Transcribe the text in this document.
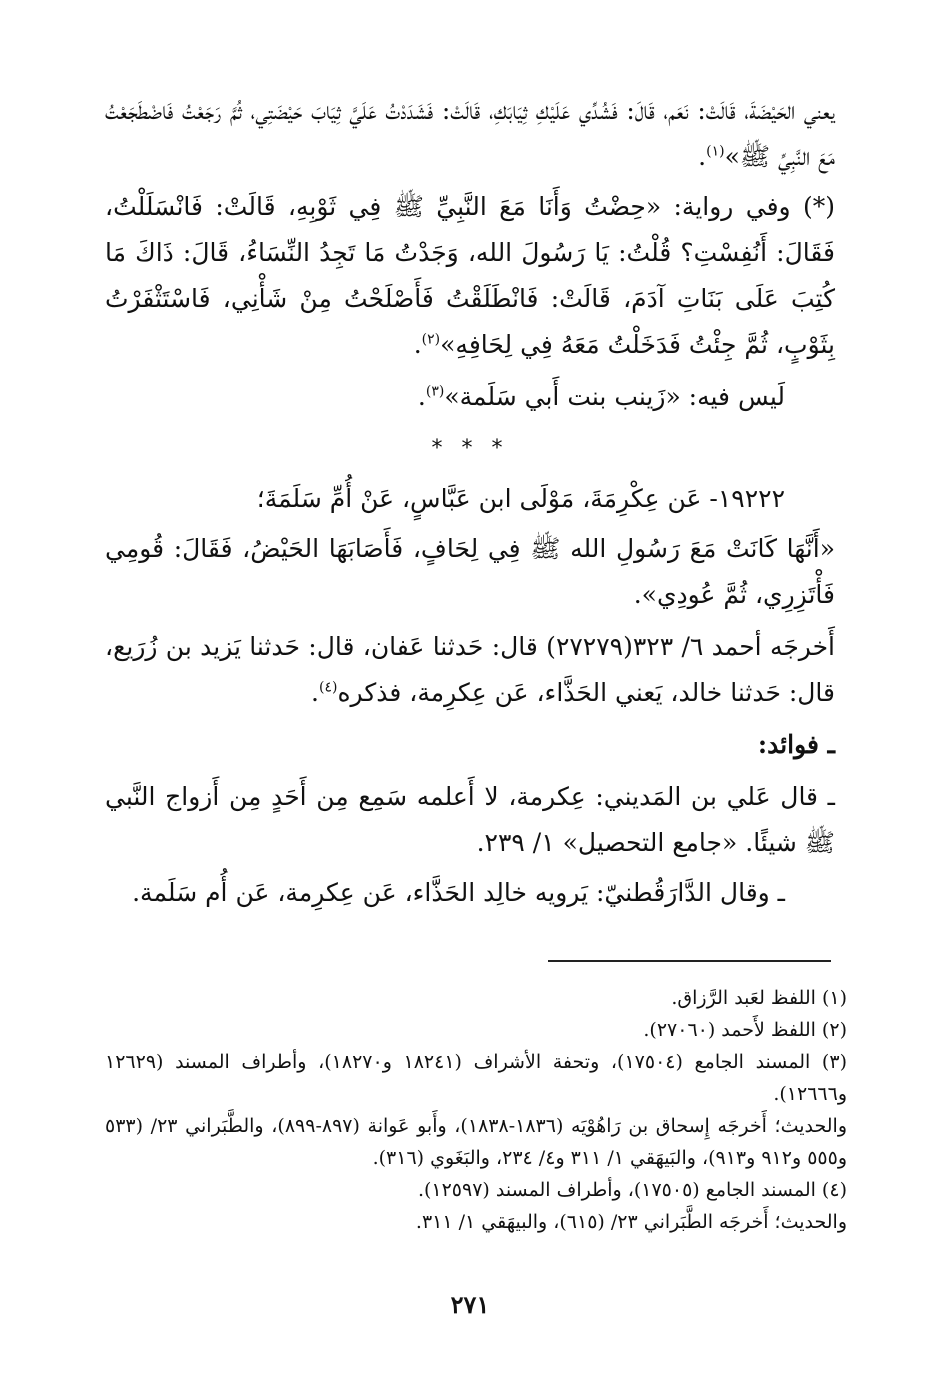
يعني الحَيْضَةَ، قَالَتْ: نَعَم، قَالَ: فَشُدِّي عَلَيْكِ ثِيَابَكِ، قَالَتْ: فَشَدَدْتُ عَلَيَّ ثِيَابَ حَيْضَتِي، ثُمَّ رَجَعْتُ فَاضْطَجَعْتُ مَعَ النَّبِيِّ ﷺ»$^{(١)}$.

(*) وفي رواية: «حِضْتُ وَأَنَا مَعَ النَّبِيِّ ﷺ فِي ثَوْبِهِ، قَالَتْ: فَانْسَلَلْتُ، فَقَالَ: أَنُفِسْتِ؟ قُلْتُ: يَا رَسُولَ الله، وَجَدْتُ مَا تَجِدُ النِّسَاءُ، قَالَ: ذَاكَ مَا كُتِبَ عَلَى بَنَاتِ آدَمَ، قَالَتْ: فَانْطَلَقْتُ فَأَصْلَحْتُ مِنْ شَأْنِي، فَاسْتَثْفَرْتُ بِثَوْبٍ، ثُمَّ جِئْتُ فَدَخَلْتُ مَعَهُ فِي لِحَافِهِ»$^{(٢)}$.

لَيس فيه: «زَينب بنت أَبي سَلَمة»$^{(٣)}$.

* * *

١٩٢٢٢- عَن عِكْرِمَةَ، مَوْلَى ابن عَبَّاسٍ، عَنْ أُمِّ سَلَمَةَ؛

«أَنَّهَا كَانَتْ مَعَ رَسُولِ الله ﷺ فِي لِحَافٍ، فَأَصَابَهَا الحَيْضُ، فَقَالَ: قُومِي فَأْتَزِرِي، ثُمَّ عُودِي».

أَخرجَه أحمد ٦/ ٣٢٣(٢٧٢٧٩) قال: حَدثنا عَفان، قال: حَدثنا يَزيد بن زُرَيع، قال: حَدثنا خالد، يَعني الحَذَّاء، عَن عِكرِمة، فذكره$^{(٤)}$.

ـ فوائد:

ـ قال عَلي بن المَديني: عِكرمة، لا أَعلمه سَمِع مِن أَحَدٍ مِن أَزواج النَّبي ﷺ شيئًا. «جامع التحصيل» ١/ ٢٣٩.

ـ وقال الدَّارَقُطنيّ: يَرويه خالِد الحَذَّاء، عَن عِكرِمة، عَن أُم سَلَمة.

(١) اللفظ لعَبد الرَّزاق.

(٢) اللفظ لأَحمد (٢٧٠٦٠).

(٣) المسند الجامع (١٧٥٠٤)، وتحفة الأشراف (١٨٢٤١ و١٨٢٧٠)، وأطراف المسند (١٢٦٢٩ و١٢٦٦٦).

والحديث؛ أَخرجَه إِسحاق بن رَاهُوْيَه (١٨٣٦-١٨٣٨)، وأَبو عَوانة (٨٩٧-٨٩٩)، والطَّبَراني ٢٣/ (٥٣٣ و٥٥٥ و٩١٢ و٩١٣)، والبَيهَقي ١/ ٣١١ و٤/ ٢٣٤، والبَغَوي (٣١٦).

(٤) المسند الجامع (١٧٥٠٥)، وأطراف المسند (١٢٥٩٧).

والحديث؛ أَخرجَه الطَّبَراني ٢٣/ (٦١٥)، والبيهَقي ١/ ٣١١.

٢٧١
